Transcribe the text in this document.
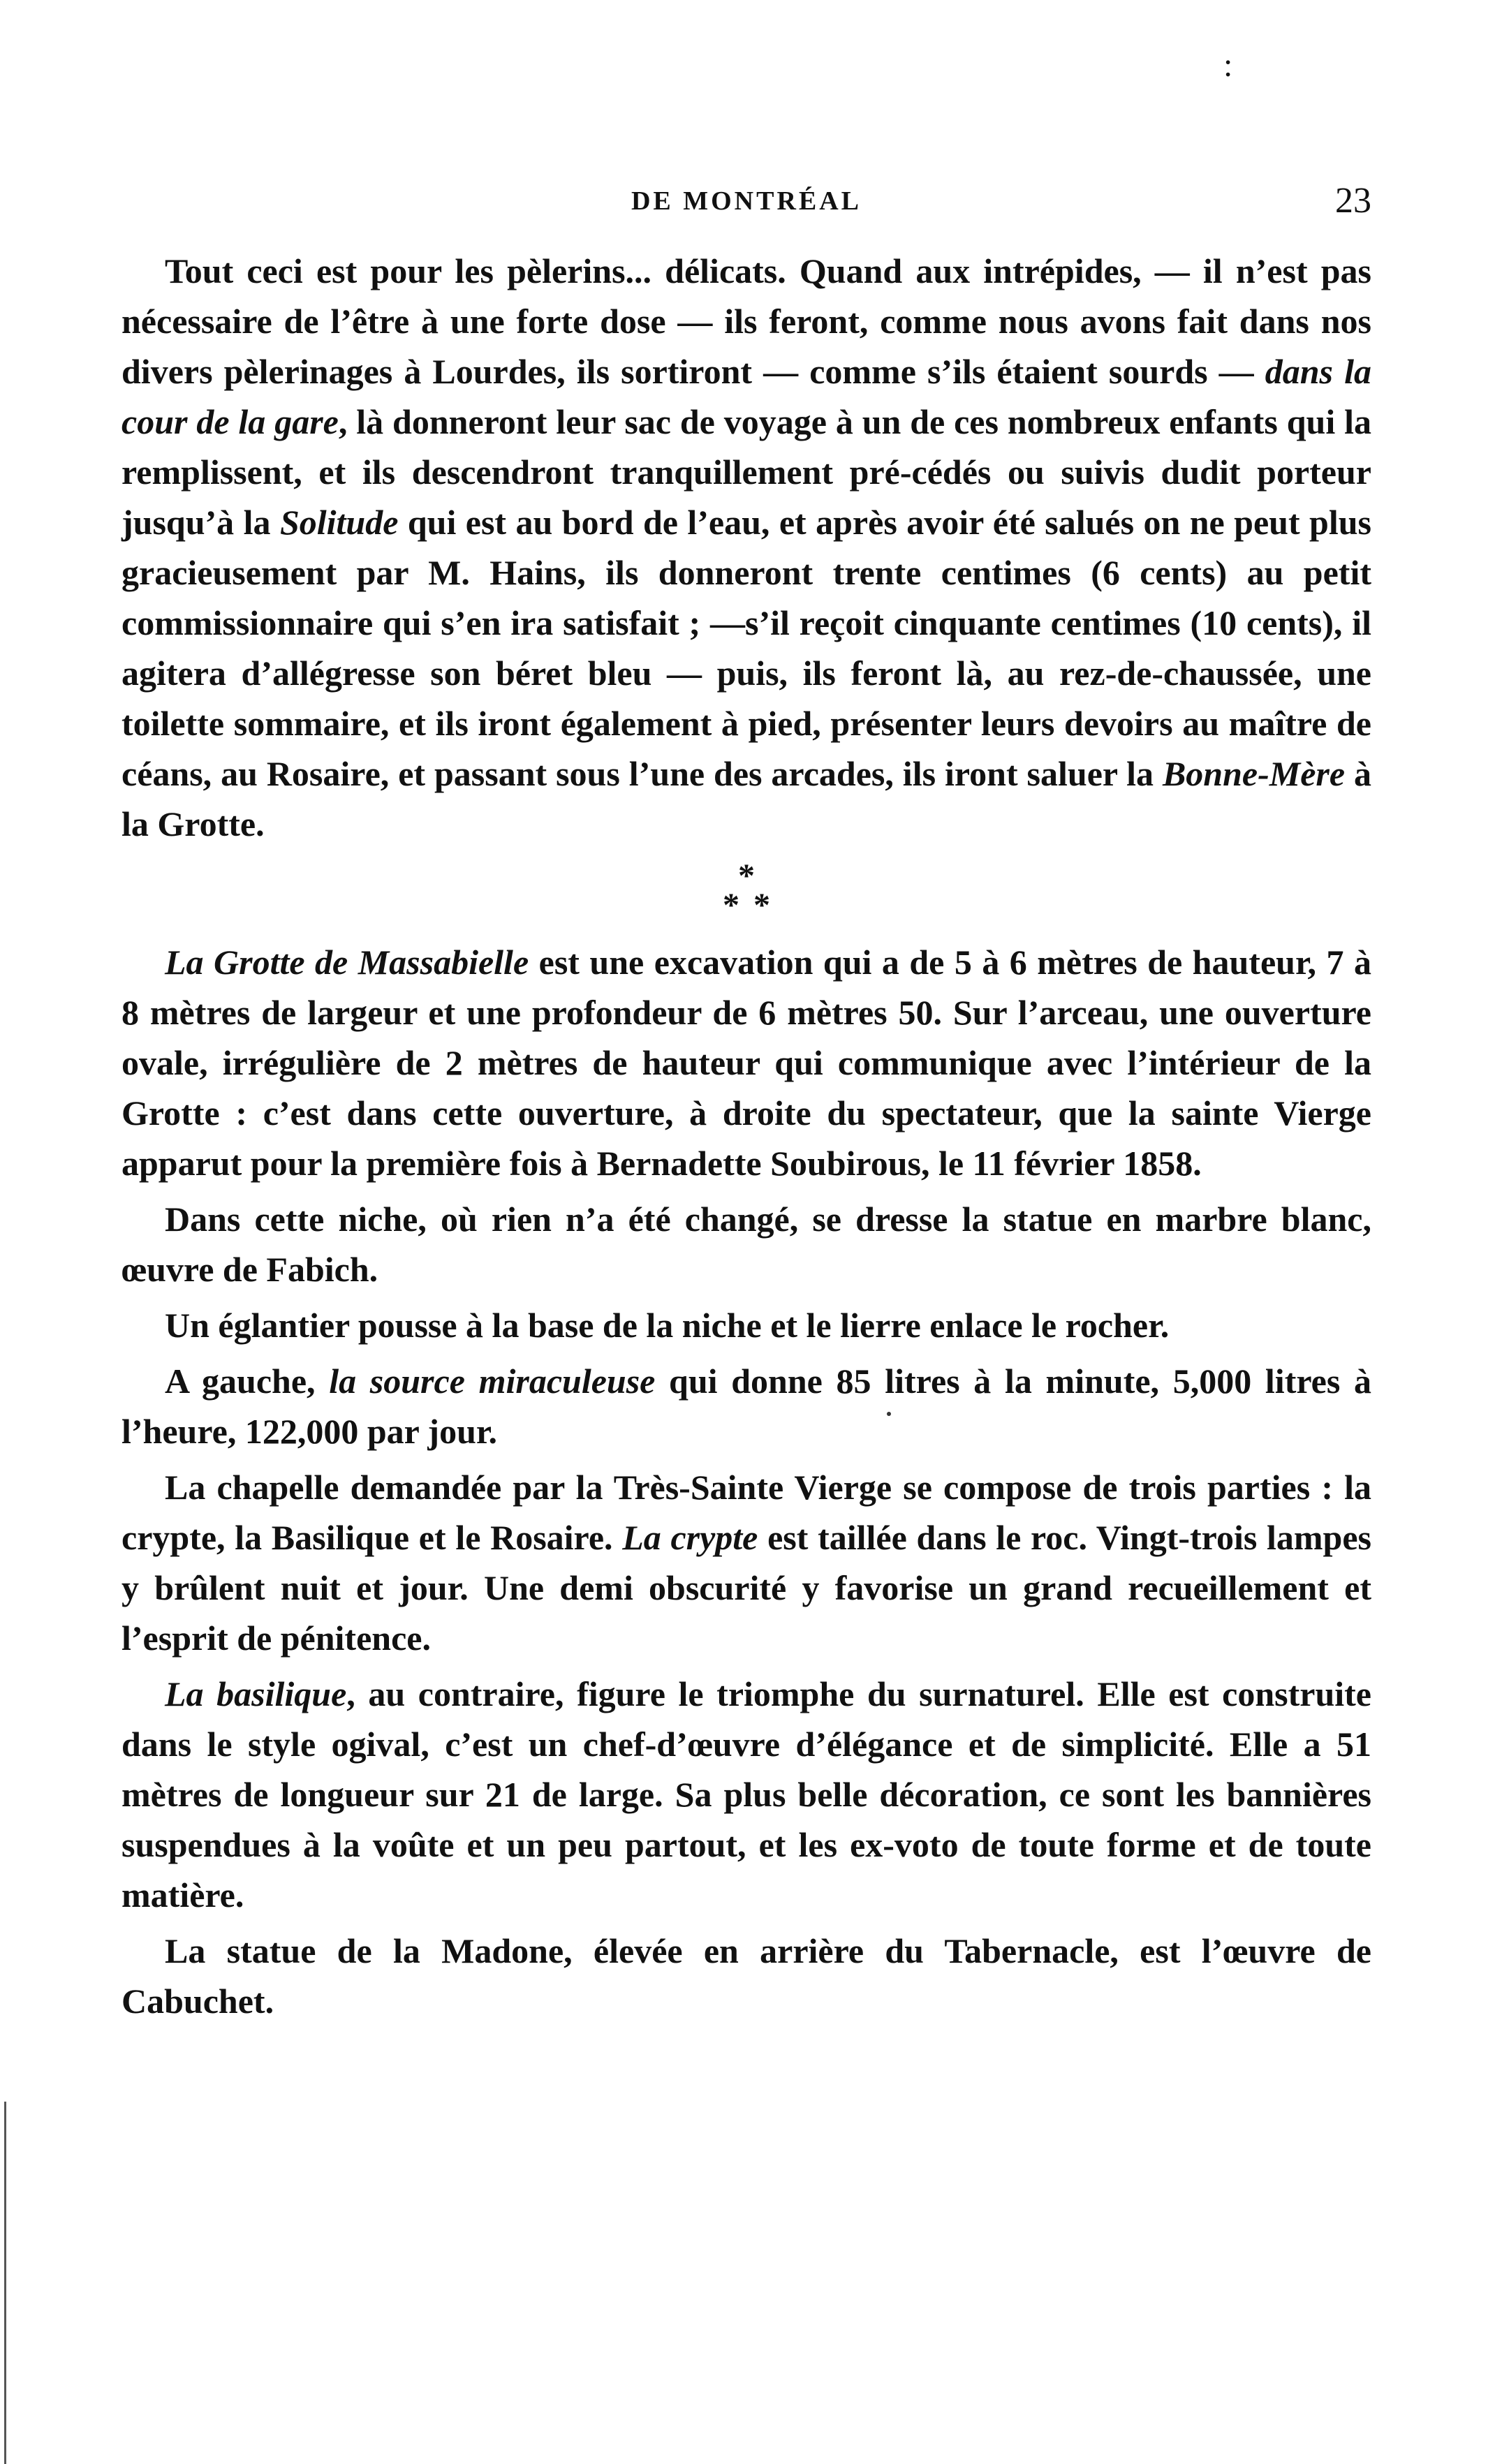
:
DE MONTRÉAL	23

Tout ceci est pour les pèlerins... délicats. Quand aux intrépides, — il n’est pas nécessaire de l’être à une forte dose — ils feront, comme nous avons fait dans nos divers pèlerinages à Lourdes, ils sortiront — comme s’ils étaient sourds — dans la cour de la gare, là donneront leur sac de voyage à un de ces nombreux enfants qui la remplissent, et ils descendront tranquillement pré-cédés ou suivis dudit porteur jusqu’à la Solitude qui est au bord de l’eau, et après avoir été salués on ne peut plus gracieusement par M. Hains, ils donneront trente centimes (6 cents) au petit commissionnaire qui s’en ira satisfait ; —s’il reçoit cinquante centimes (10 cents), il agitera d’allégresse son béret bleu — puis, ils feront là, au rez-de-chaussée, une toilette sommaire, et ils iront également à pied, présenter leurs devoirs au maître de céans, au Rosaire, et passant sous l’une des arcades, ils iront saluer la Bonne-Mère à la Grotte.

*
**

La Grotte de Massabielle est une excavation qui a de 5 à 6 mètres de hauteur, 7 à 8 mètres de largeur et une profondeur de 6 mètres 50. Sur l’arceau, une ouverture ovale, irrégulière de 2 mètres de hauteur qui communique avec l’intérieur de la Grotte : c’est dans cette ouverture, à droite du spectateur, que la sainte Vierge apparut pour la première fois à Bernadette Soubirous, le 11 février 1858.

Dans cette niche, où rien n’a été changé, se dresse la statue en marbre blanc, œuvre de Fabich.

Un églantier pousse à la base de la niche et le lierre enlace le rocher.

A gauche, la source miraculeuse qui donne 85 litres à la minute, 5,000 litres à l’heure, 122,000 par jour.

La chapelle demandée par la Très-Sainte Vierge se compose de trois parties : la crypte, la Basilique et le Rosaire. La crypte est taillée dans le roc. Vingt-trois lampes y brûlent nuit et jour. Une demi obscurité y favorise un grand recueillement et l’esprit de pénitence.

La basilique, au contraire, figure le triomphe du surnaturel. Elle est construite dans le style ogival, c’est un chef-d’œuvre d’élégance et de simplicité. Elle a 51 mètres de longueur sur 21 de large. Sa plus belle décoration, ce sont les bannières suspendues à la voûte et un peu partout, et les ex-voto de toute forme et de toute matière.

La statue de la Madone, élevée en arrière du Tabernacle, est l’œuvre de Cabuchet.
